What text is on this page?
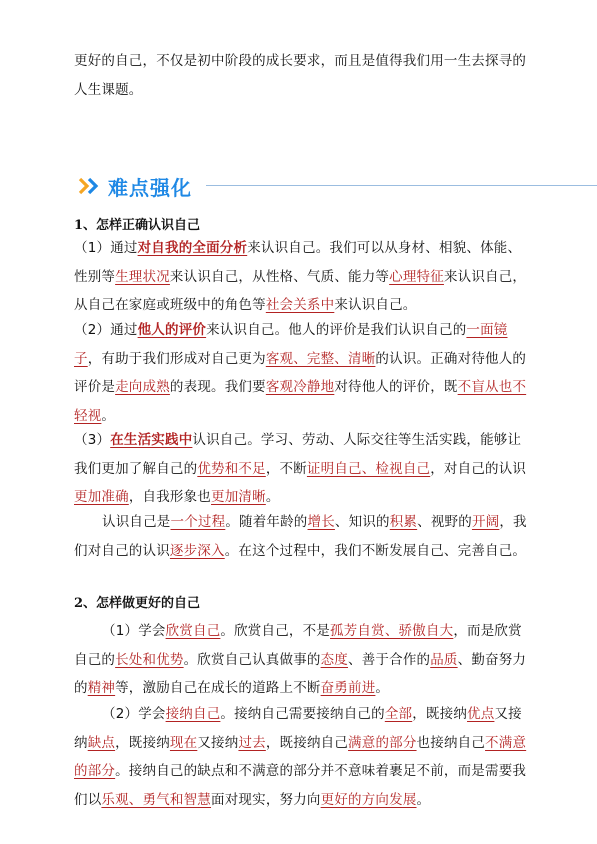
更好的自己，不仅是初中阶段的成长要求，而且是值得我们用一生去探寻的人生课题。

难点强化
1、怎样正确认识自己

（1）通过对自我的全面分析来认识自己。我们可以从身材、相貌、体能、性别等生理状况来认识自己，从性格、气质、能力等心理特征来认识自己，从自己在家庭或班级中的角色等社会关系中来认识自己。

（2）通过他人的评价来认识自己。他人的评价是我们认识自己的一面镜子，有助于我们形成对自己更为客观、完整、清晰的认识。正确对待他人的评价是走向成熟的表现。我们要客观冷静地对待他人的评价，既不盲从也不轻视。

（3）在生活实践中认识自己。学习、劳动、人际交往等生活实践，能够让我们更加了解自己的优势和不足，不断证明自己、检视自己，对自己的认识更加准确，自我形象也更加清晰。

认识自己是一个过程。随着年龄的增长、知识的积累、视野的开阔，我们对自己的认识逐步深入。在这个过程中，我们不断发展自己、完善自己。

2、怎样做更好的自己

（1）学会欣赏自己。欣赏自己，不是孤芳自赏、骄傲自大，而是欣赏自己的长处和优势。欣赏自己认真做事的态度、善于合作的品质、勤奋努力的精神等，激励自己在成长的道路上不断奋勇前进。

（2）学会接纳自己。接纳自己需要接纳自己的全部，既接纳优点又接纳缺点，既接纳现在又接纳过去，既接纳自己满意的部分也接纳自己不满意的部分。接纳自己的缺点和不满意的部分并不意味着裹足不前，而是需要我们以乐观、勇气和智慧面对现实，努力向更好的方向发展。
